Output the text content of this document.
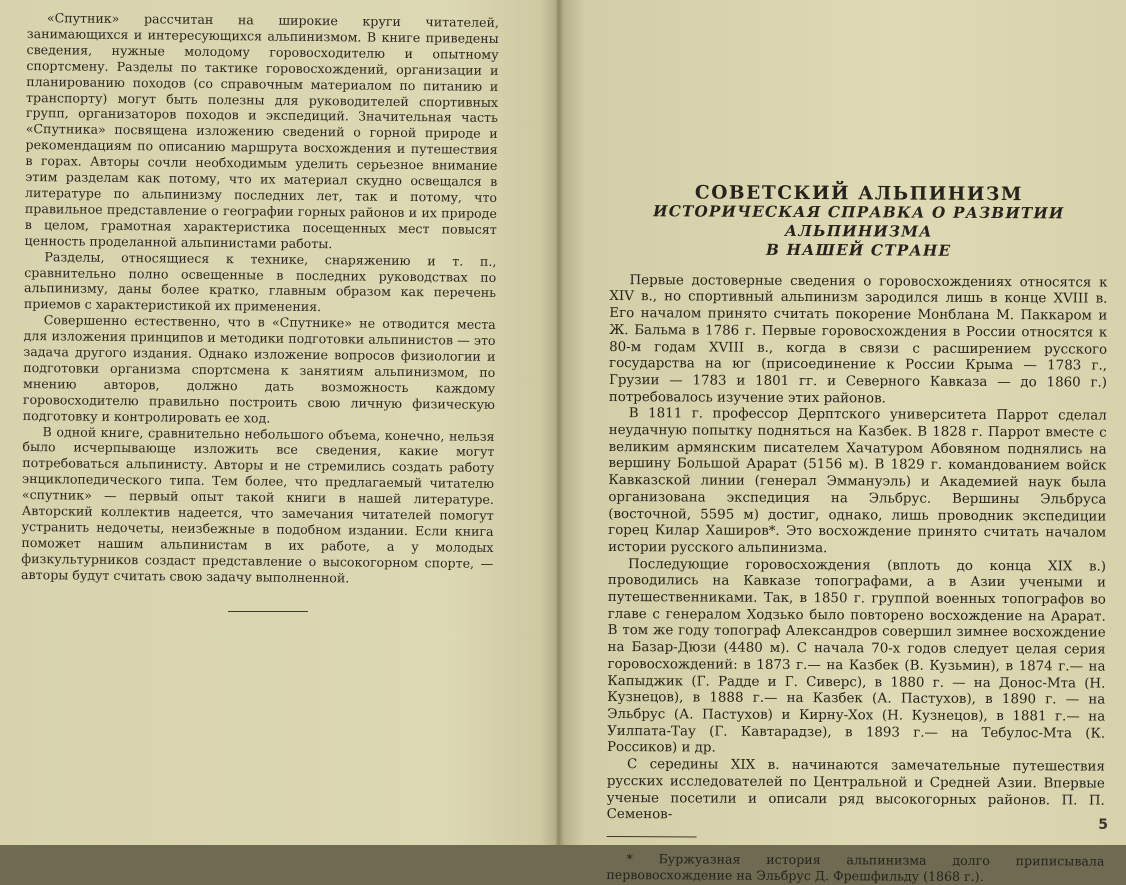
«Спутник» рассчитан на широкие круги читателей, занимающихся и интересующихся альпинизмом. В книге приведены сведения, нужные молодому горовосходителю и опытному спортсмену. Разделы по тактике горовосхождений, организации и планированию походов (со справочным материалом по питанию и транспорту) могут быть полезны для руководителей спортивных групп, организаторов походов и экспедиций. Значительная часть «Спутника» посвящена изложению сведений о горной природе и рекомендациям по описанию маршрута восхождения и путешествия в горах. Авторы сочли необходимым уделить серьезное внимание этим разделам как потому, что их материал скудно освещался в литературе по альпинизму последних лет, так и потому, что правильное представление о географии горных районов и их природе в целом, грамотная характеристика посещенных мест повысят ценность проделанной альпинистами работы.

Разделы, относящиеся к технике, снаряжению и т. п., сравнительно полно освещенные в последних руководствах по альпинизму, даны более кратко, главным образом как перечень приемов с характеристикой их применения.

Совершенно естественно, что в «Спутнике» не отводится места для изложения принципов и методики подготовки альпинистов — это задача другого издания. Однако изложение вопросов физиологии и подготовки организма спортсмена к занятиям альпинизмом, по мнению авторов, должно дать возможность каждому горовосходителю правильно построить свою личную физическую подготовку и контролировать ее ход.

В одной книге, сравнительно небольшого объема, конечно, нельзя было исчерпывающе изложить все сведения, какие могут потребоваться альпинисту. Авторы и не стремились создать работу энциклопедического типа. Тем более, что предлагаемый читателю «спутник» — первый опыт такой книги в нашей литературе. Авторский коллектив надеется, что замечания читателей помогут устранить недочеты, неизбежные в подобном издании. Если книга поможет нашим альпинистам в их работе, а у молодых физкультурников создаст представление о высокогорном спорте, — авторы будут считать свою задачу выполненной.

СОВЕТСКИЙ АЛЬПИНИЗМ

ИСТОРИЧЕСКАЯ СПРАВКА О РАЗВИТИИ АЛЬПИНИЗМА
В НАШЕЙ СТРАНЕ

Первые достоверные сведения о горовосхождениях относятся к XIV в., но спортивный альпинизм зародился лишь в конце XVIII в. Его началом принято считать покорение Монблана М. Паккаром и Ж. Бальма в 1786 г. Первые горовосхождения в России относятся к 80-м годам XVIII в., когда в связи с расширением русского государства на юг (присоединение к России Крыма — 1783 г., Грузии — 1783 и 1801 гг. и Северного Кавказа — до 1860 г.) потребовалось изучение этих районов.

В 1811 г. профессор Дерптского университета Паррот сделал неудачную попытку подняться на Казбек. В 1828 г. Паррот вместе с великим армянским писателем Хачатуром Абовяном поднялись на вершину Большой Арарат (5156 м). В 1829 г. командованием войск Кавказской линии (генерал Эммануэль) и Академией наук была организована экспедиция на Эльбрус. Вершины Эльбруса (восточной, 5595 м) достиг, однако, лишь проводник экспедиции горец Килар Хаширов*. Это восхождение принято считать началом истории русского альпинизма.

Последующие горовосхождения (вплоть до конца XIX в.) проводились на Кавказе топографами, а в Азии учеными и путешественниками. Так, в 1850 г. группой военных топографов во главе с генералом Ходзько было повторено восхождение на Арарат. В том же году топограф Александров совершил зимнее восхождение на Базар-Дюзи (4480 м). С начала 70-х годов следует целая серия горовосхождений: в 1873 г.— на Казбек (В. Кузьмин), в 1874 г.— на Капыджик (Г. Радде и Г. Сиверс), в 1880 г. — на Донос-Мта (Н. Кузнецов), в 1888 г.— на Казбек (А. Пастухов), в 1890 г. — на Эльбрус (А. Пастухов) и Кирну-Хох (Н. Кузнецов), в 1881 г.— на Уилпата-Тау (Г. Кавтарадзе), в 1893 г.— на Тебулос-Мта (К. Россиков) и др.

С середины XIX в. начинаются замечательные путешествия русских исследователей по Центральной и Средней Азии. Впервые ученые посетили и описали ряд высокогорных районов. П. П. Семенов-

* Буржуазная история альпинизма долго приписывала первовосхождение на Эльбрус Д. Фрешфильду (1868 г.).

5
